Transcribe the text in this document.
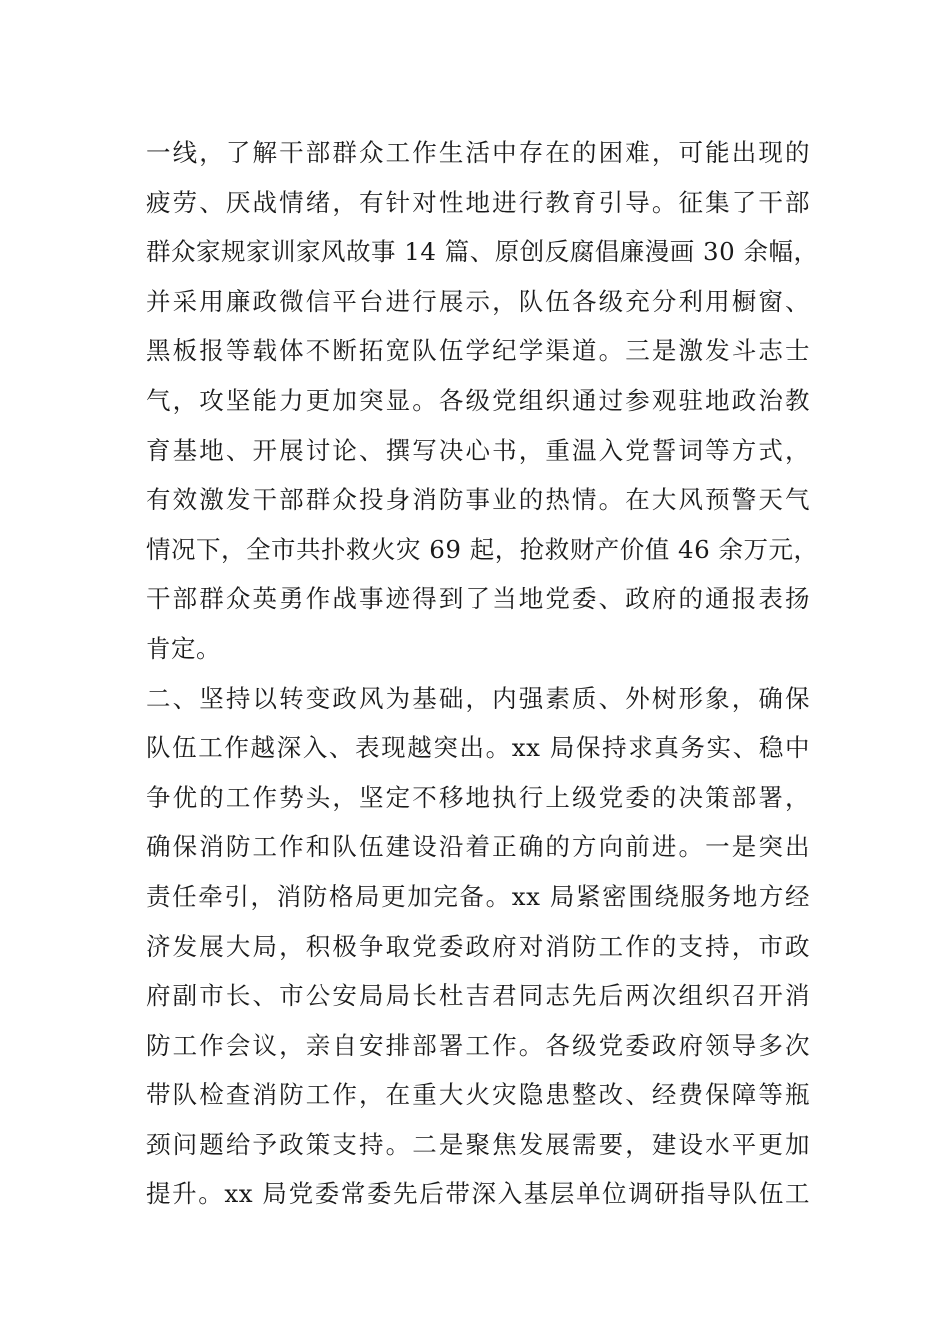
一线，了解干部群众工作生活中存在的困难，可能出现的
疲劳、厌战情绪，有针对性地进行教育引导。征集了干部
群众家规家训家风故事 14 篇、原创反腐倡廉漫画 30 余幅，
并采用廉政微信平台进行展示，队伍各级充分利用橱窗、
黑板报等载体不断拓宽队伍学纪学渠道。三是激发斗志士
气，攻坚能力更加突显。各级党组织通过参观驻地政治教
育基地、开展讨论、撰写决心书，重温入党誓词等方式，
有效激发干部群众投身消防事业的热情。在大风预警天气
情况下，全市共扑救火灾 69 起，抢救财产价值 46 余万元，
干部群众英勇作战事迹得到了当地党委、政府的通报表扬
肯定。
二、坚持以转变政风为基础，内强素质、外树形象，确保
队伍工作越深入、表现越突出。xx 局保持求真务实、稳中
争优的工作势头，坚定不移地执行上级党委的决策部署，
确保消防工作和队伍建设沿着正确的方向前进。一是突出
责任牵引，消防格局更加完备。xx 局紧密围绕服务地方经
济发展大局，积极争取党委政府对消防工作的支持，市政
府副市长、市公安局局长杜吉君同志先后两次组织召开消
防工作会议，亲自安排部署工作。各级党委政府领导多次
带队检查消防工作，在重大火灾隐患整改、经费保障等瓶
颈问题给予政策支持。二是聚焦发展需要，建设水平更加
提升。xx 局党委常委先后带深入基层单位调研指导队伍工
